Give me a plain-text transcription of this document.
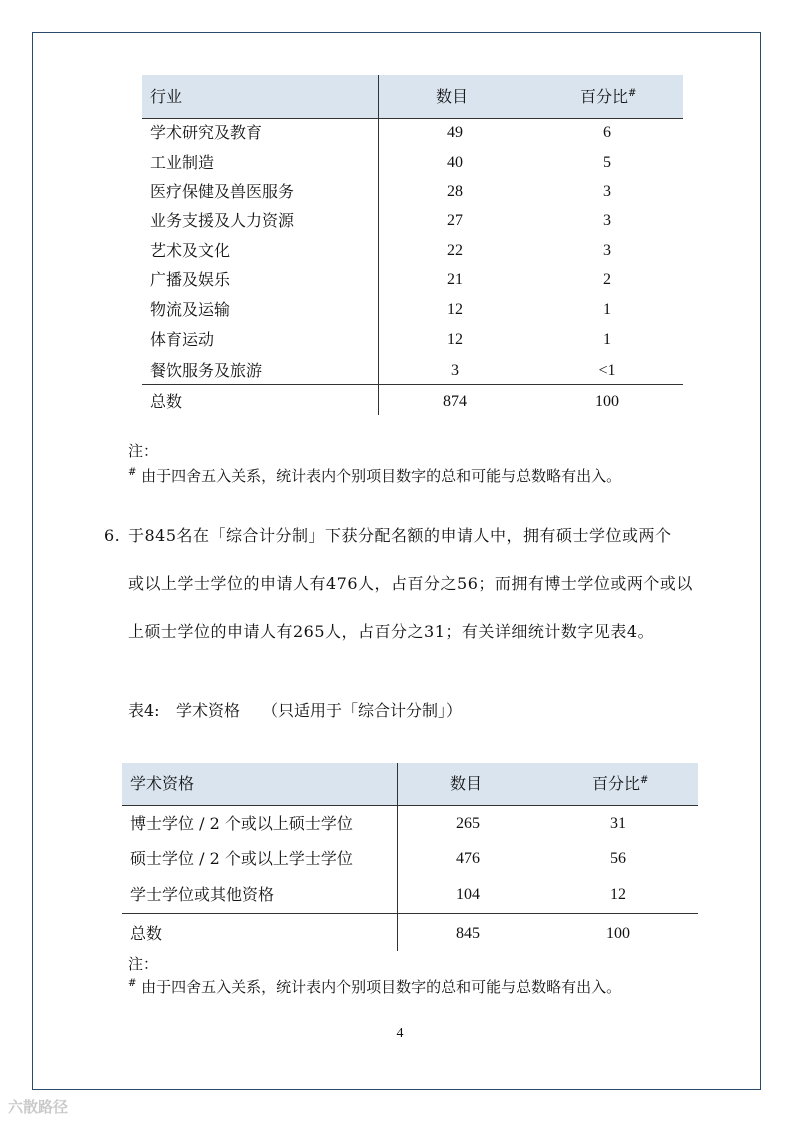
行业	数目	百分比#
学术研究及教育	49	6
工业制造	40	5
医疗保健及兽医服务	28	3
业务支援及人力资源	27	3
艺术及文化	22	3
广播及娱乐	21	2
物流及运输	12	1
体育运动	12	1
餐饮服务及旅游	3	<1
总数	874	100
注：
# 由于四舍五入关系，统计表内个别项目数字的总和可能与总数略有出入。
6. 于845名在「综合计分制」下获分配名额的申请人中，拥有硕士学位或两个
或以上学士学位的申请人有476人，占百分之56；而拥有博士学位或两个或以
上硕士学位的申请人有265人，占百分之31；有关详细统计数字见表4。
表4: 学术资格 （只适用于「综合计分制」）
学术资格	数目	百分比#
博士学位 / 2 个或以上硕士学位	265	31
硕士学位 / 2 个或以上学士学位	476	56
学士学位或其他资格	104	12
总数	845	100
注：
# 由于四舍五入关系，统计表内个别项目数字的总和可能与总数略有出入。
4
六散路径
